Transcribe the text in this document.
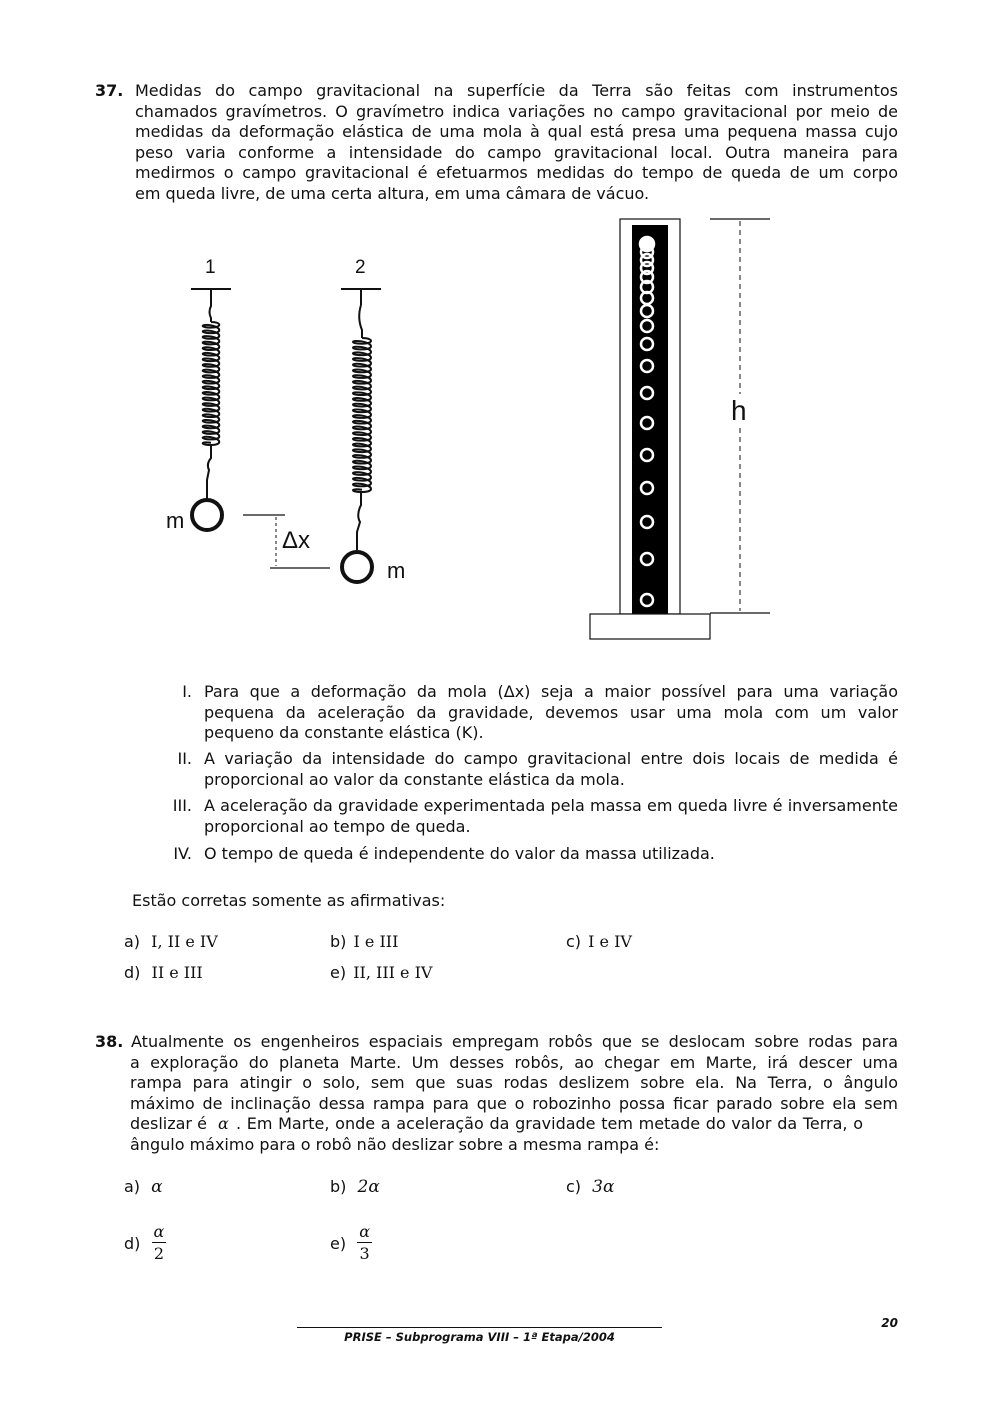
37. Medidas do campo gravitacional na superfície da Terra são feitas com instrumentos
chamados gravímetros. O gravímetro indica variações no campo gravitacional por meio de
medidas da deformação elástica de uma mola à qual está presa uma pequena massa cujo
peso varia conforme a intensidade do campo gravitacional local. Outra maneira para
medirmos o campo gravitacional é efetuarmos medidas do tempo de queda de um corpo
em queda livre, de uma certa altura, em uma câmara de vácuo.
1	2
m
m
Δx
h
I. Para que a deformação da mola (Δx) seja a maior possível para uma variação pequena da aceleração da gravidade, devemos usar uma mola com um valor pequeno da constante elástica (K).
II. A variação da intensidade do campo gravitacional entre dois locais de medida é proporcional ao valor da constante elástica da mola.
III. A aceleração da gravidade experimentada pela massa em queda livre é inversamente proporcional ao tempo de queda.
IV. O tempo de queda é independente do valor da massa utilizada.
Estão corretas somente as afirmativas:
a) I, II e IV	b) I e III	c) I e IV
d) II e III	e) II, III e IV
38. Atualmente os engenheiros espaciais empregam robôs que se deslocam sobre rodas para
a exploração do planeta Marte. Um desses robôs, ao chegar em Marte, irá descer uma
rampa para atingir o solo, sem que suas rodas deslizem sobre ela. Na Terra, o ângulo
máximo de inclinação dessa rampa para que o robozinho possa ficar parado sobre ela sem
deslizar é α . Em Marte, onde a aceleração da gravidade tem metade do valor da Terra, o
ângulo máximo para o robô não deslizar sobre a mesma rampa é:
a) α	b) 2α	c) 3α
$d) \frac{\alpha}{2}$	$e) \frac{\alpha}{3}$
20
PRISE – Subprograma VIII – 1ª Etapa/2004
